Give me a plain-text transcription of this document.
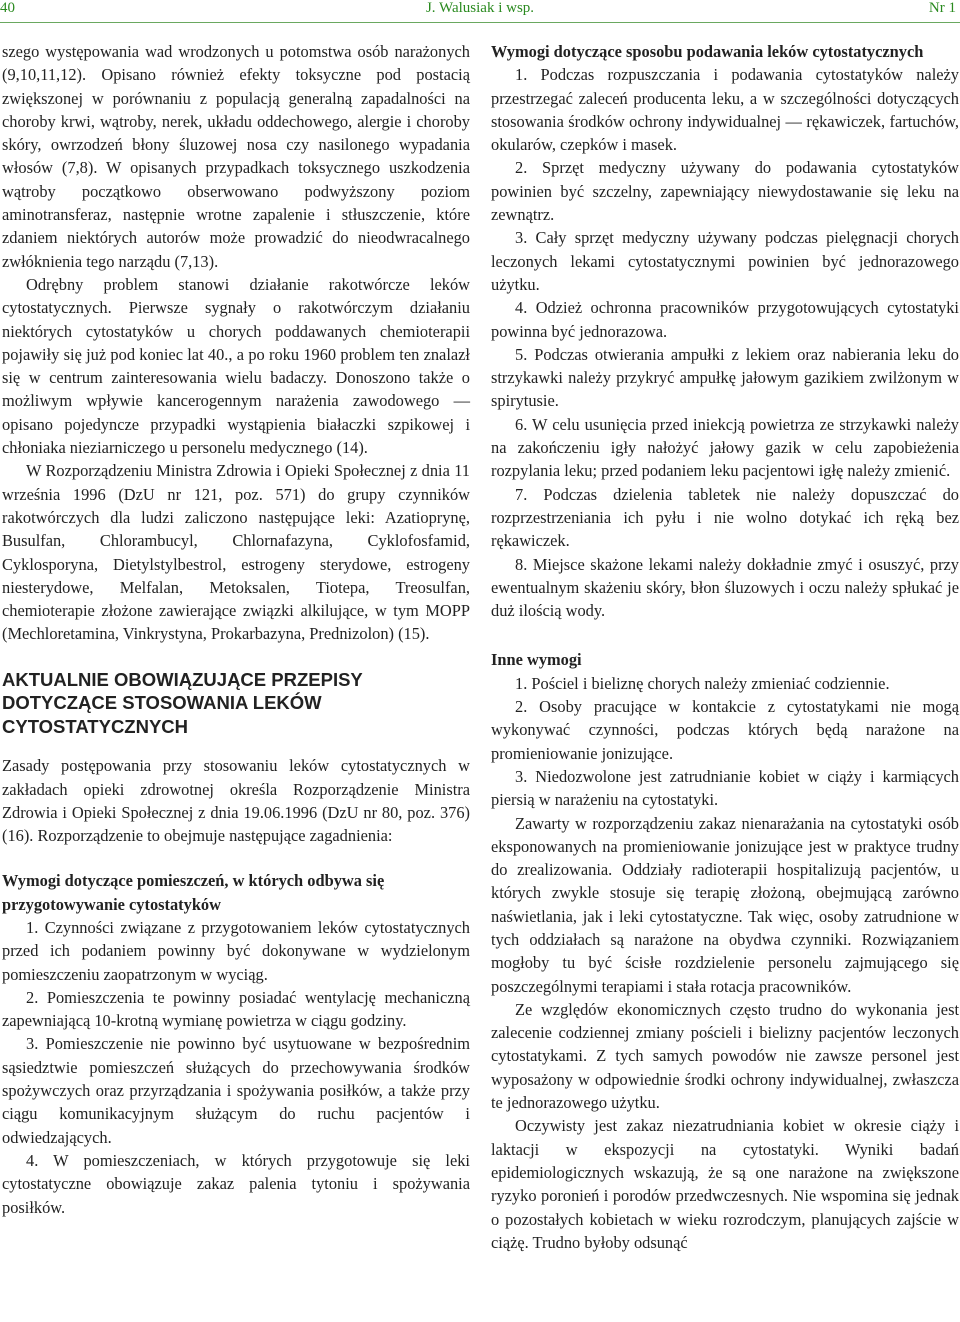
40	J. Walusiak i wsp.	Nr 1

szego występowania wad wrodzonych u potomstwa osób narażonych (9,10,11,12). Opisano również efekty toksyczne pod postacią zwiększonej w porównaniu z populacją generalną zapadalności na choroby krwi, wątroby, nerek, układu oddechowego, alergie i choroby skóry, owrzodzeń błony śluzowej nosa czy nasilonego wypadania włosów (7,8). W opisanych przypadkach toksycznego uszkodzenia wątroby początkowo obserwowano podwyższony poziom aminotransferaz, następnie wrotne zapalenie i stłuszczenie, które zdaniem niektórych autorów może prowadzić do nieodwracalnego zwłóknienia tego narządu (7,13).

Odrębny problem stanowi działanie rakotwórcze leków cytostatycznych. Pierwsze sygnały o rakotwórczym działaniu niektórych cytostatyków u chorych poddawanych chemioterapii pojawiły się już pod koniec lat 40., a po roku 1960 problem ten znalazł się w centrum zainteresowania wielu badaczy. Donoszono także o możliwym wpływie kancerogennym narażenia zawodowego — opisano pojedyncze przypadki wystąpienia białaczki szpikowej i chłoniaka nieziarniczego u personelu medycznego (14).

W Rozporządzeniu Ministra Zdrowia i Opieki Społecznej z dnia 11 września 1996 (DzU nr 121, poz. 571) do grupy czynników rakotwórczych dla ludzi zaliczono następujące leki: Azatioprynę, Busulfan, Chlorambucyl, Chlornafazyna, Cyklofosfamid, Cyklosporyna, Dietylstylbestrol, estrogeny sterydowe, estrogeny niesterydowe, Melfalan, Metoksalen, Tiotepa, Treosulfan, chemioterapie złożone zawierające związki alkilujące, w tym MOPP (Mechloretamina, Vinkrystyna, Prokarbazyna, Prednizolon) (15).

AKTUALNIE OBOWIĄZUJĄCE PRZEPISY DOTYCZĄCE STOSOWANIA LEKÓW CYTOSTATYCZNYCH

Zasady postępowania przy stosowaniu leków cytostatycznych w zakładach opieki zdrowotnej określa Rozporządzenie Ministra Zdrowia i Opieki Społecznej z dnia 19.06.1996 (DzU nr 80, poz. 376) (16). Rozporządzenie to obejmuje następujące zagadnienia:

Wymogi dotyczące pomieszczeń, w których odbywa się przygotowywanie cytostatyków

1. Czynności związane z przygotowaniem leków cytostatycznych przed ich podaniem powinny być dokonywane w wydzielonym pomieszczeniu zaopatrzonym w wyciąg.

2. Pomieszczenia te powinny posiadać wentylację mechaniczną zapewniającą 10-krotną wymianę powietrza w ciągu godziny.

3. Pomieszczenie nie powinno być usytuowane w bezpośrednim sąsiedztwie pomieszczeń służących do przechowywania środków spożywczych oraz przyrządzania i spożywania posiłków, a także przy ciągu komunikacyjnym służącym do ruchu pacjentów i odwiedzających.

4. W pomieszczeniach, w których przygotowuje się leki cytostatyczne obowiązuje zakaz palenia tytoniu i spożywania posiłków.

Wymogi dotyczące sposobu podawania leków cytostatycznych

1. Podczas rozpuszczania i podawania cytostatyków należy przestrzegać zaleceń producenta leku, a w szczególności dotyczących stosowania środków ochrony indywidualnej — rękawiczek, fartuchów, okularów, czepków i masek.

2. Sprzęt medyczny używany do podawania cytostatyków powinien być szczelny, zapewniający niewydostawanie się leku na zewnątrz.

3. Cały sprzęt medyczny używany podczas pielęgnacji chorych leczonych lekami cytostatycznymi powinien być jednorazowego użytku.

4. Odzież ochronna pracowników przygotowujących cytostatyki powinna być jednorazowa.

5. Podczas otwierania ampułki z lekiem oraz nabierania leku do strzykawki należy przykryć ampułkę jałowym gazikiem zwilżonym w spirytusie.

6. W celu usunięcia przed iniekcją powietrza ze strzykawki należy na zakończeniu igły nałożyć jałowy gazik w celu zapobieżenia rozpylania leku; przed podaniem leku pacjentowi igłę należy zmienić.

7. Podczas dzielenia tabletek nie należy dopuszczać do rozprzestrzeniania ich pyłu i nie wolno dotykać ich ręką bez rękawiczek.

8. Miejsce skażone lekami należy dokładnie zmyć i osuszyć, przy ewentualnym skażeniu skóry, błon śluzowych i oczu należy spłukać je duż ilością wody.

Inne wymogi

1. Pościel i bieliznę chorych należy zmieniać codziennie.

2. Osoby pracujące w kontakcie z cytostatykami nie mogą wykonywać czynności, podczas których będą narażone na promieniowanie jonizujące.

3. Niedozwolone jest zatrudnianie kobiet w ciąży i karmiących piersią w narażeniu na cytostatyki.

Zawarty w rozporządzeniu zakaz nienarażania na cytostatyki osób eksponowanych na promieniowanie jonizujące jest w praktyce trudny do zrealizowania. Oddziały radioterapii hospitalizują pacjentów, u których zwykle stosuje się terapię złożoną, obejmującą zarówno naświetlania, jak i leki cytostatyczne. Tak więc, osoby zatrudnione w tych oddziałach są narażone na obydwa czynniki. Rozwiązaniem mogłoby tu być ścisłe rozdzielenie personelu zajmującego się poszczególnymi terapiami i stała rotacja pracowników.

Ze względów ekonomicznych często trudno do wykonania jest zalecenie codziennej zmiany pościeli i bielizny pacjentów leczonych cytostatykami. Z tych samych powodów nie zawsze personel jest wyposażony w odpowiednie środki ochrony indywidualnej, zwłaszcza te jednorazowego użytku.

Oczywisty jest zakaz niezatrudniania kobiet w okresie ciąży i laktacji w ekspozycji na cytostatyki. Wyniki badań epidemiologicznych wskazują, że są one narażone na zwiększone ryzyko poronień i porodów przedwczesnych. Nie wspomina się jednak o pozostałych kobietach w wieku rozrodczym, planujących zajście w ciążę. Trudno byłoby odsunąć
